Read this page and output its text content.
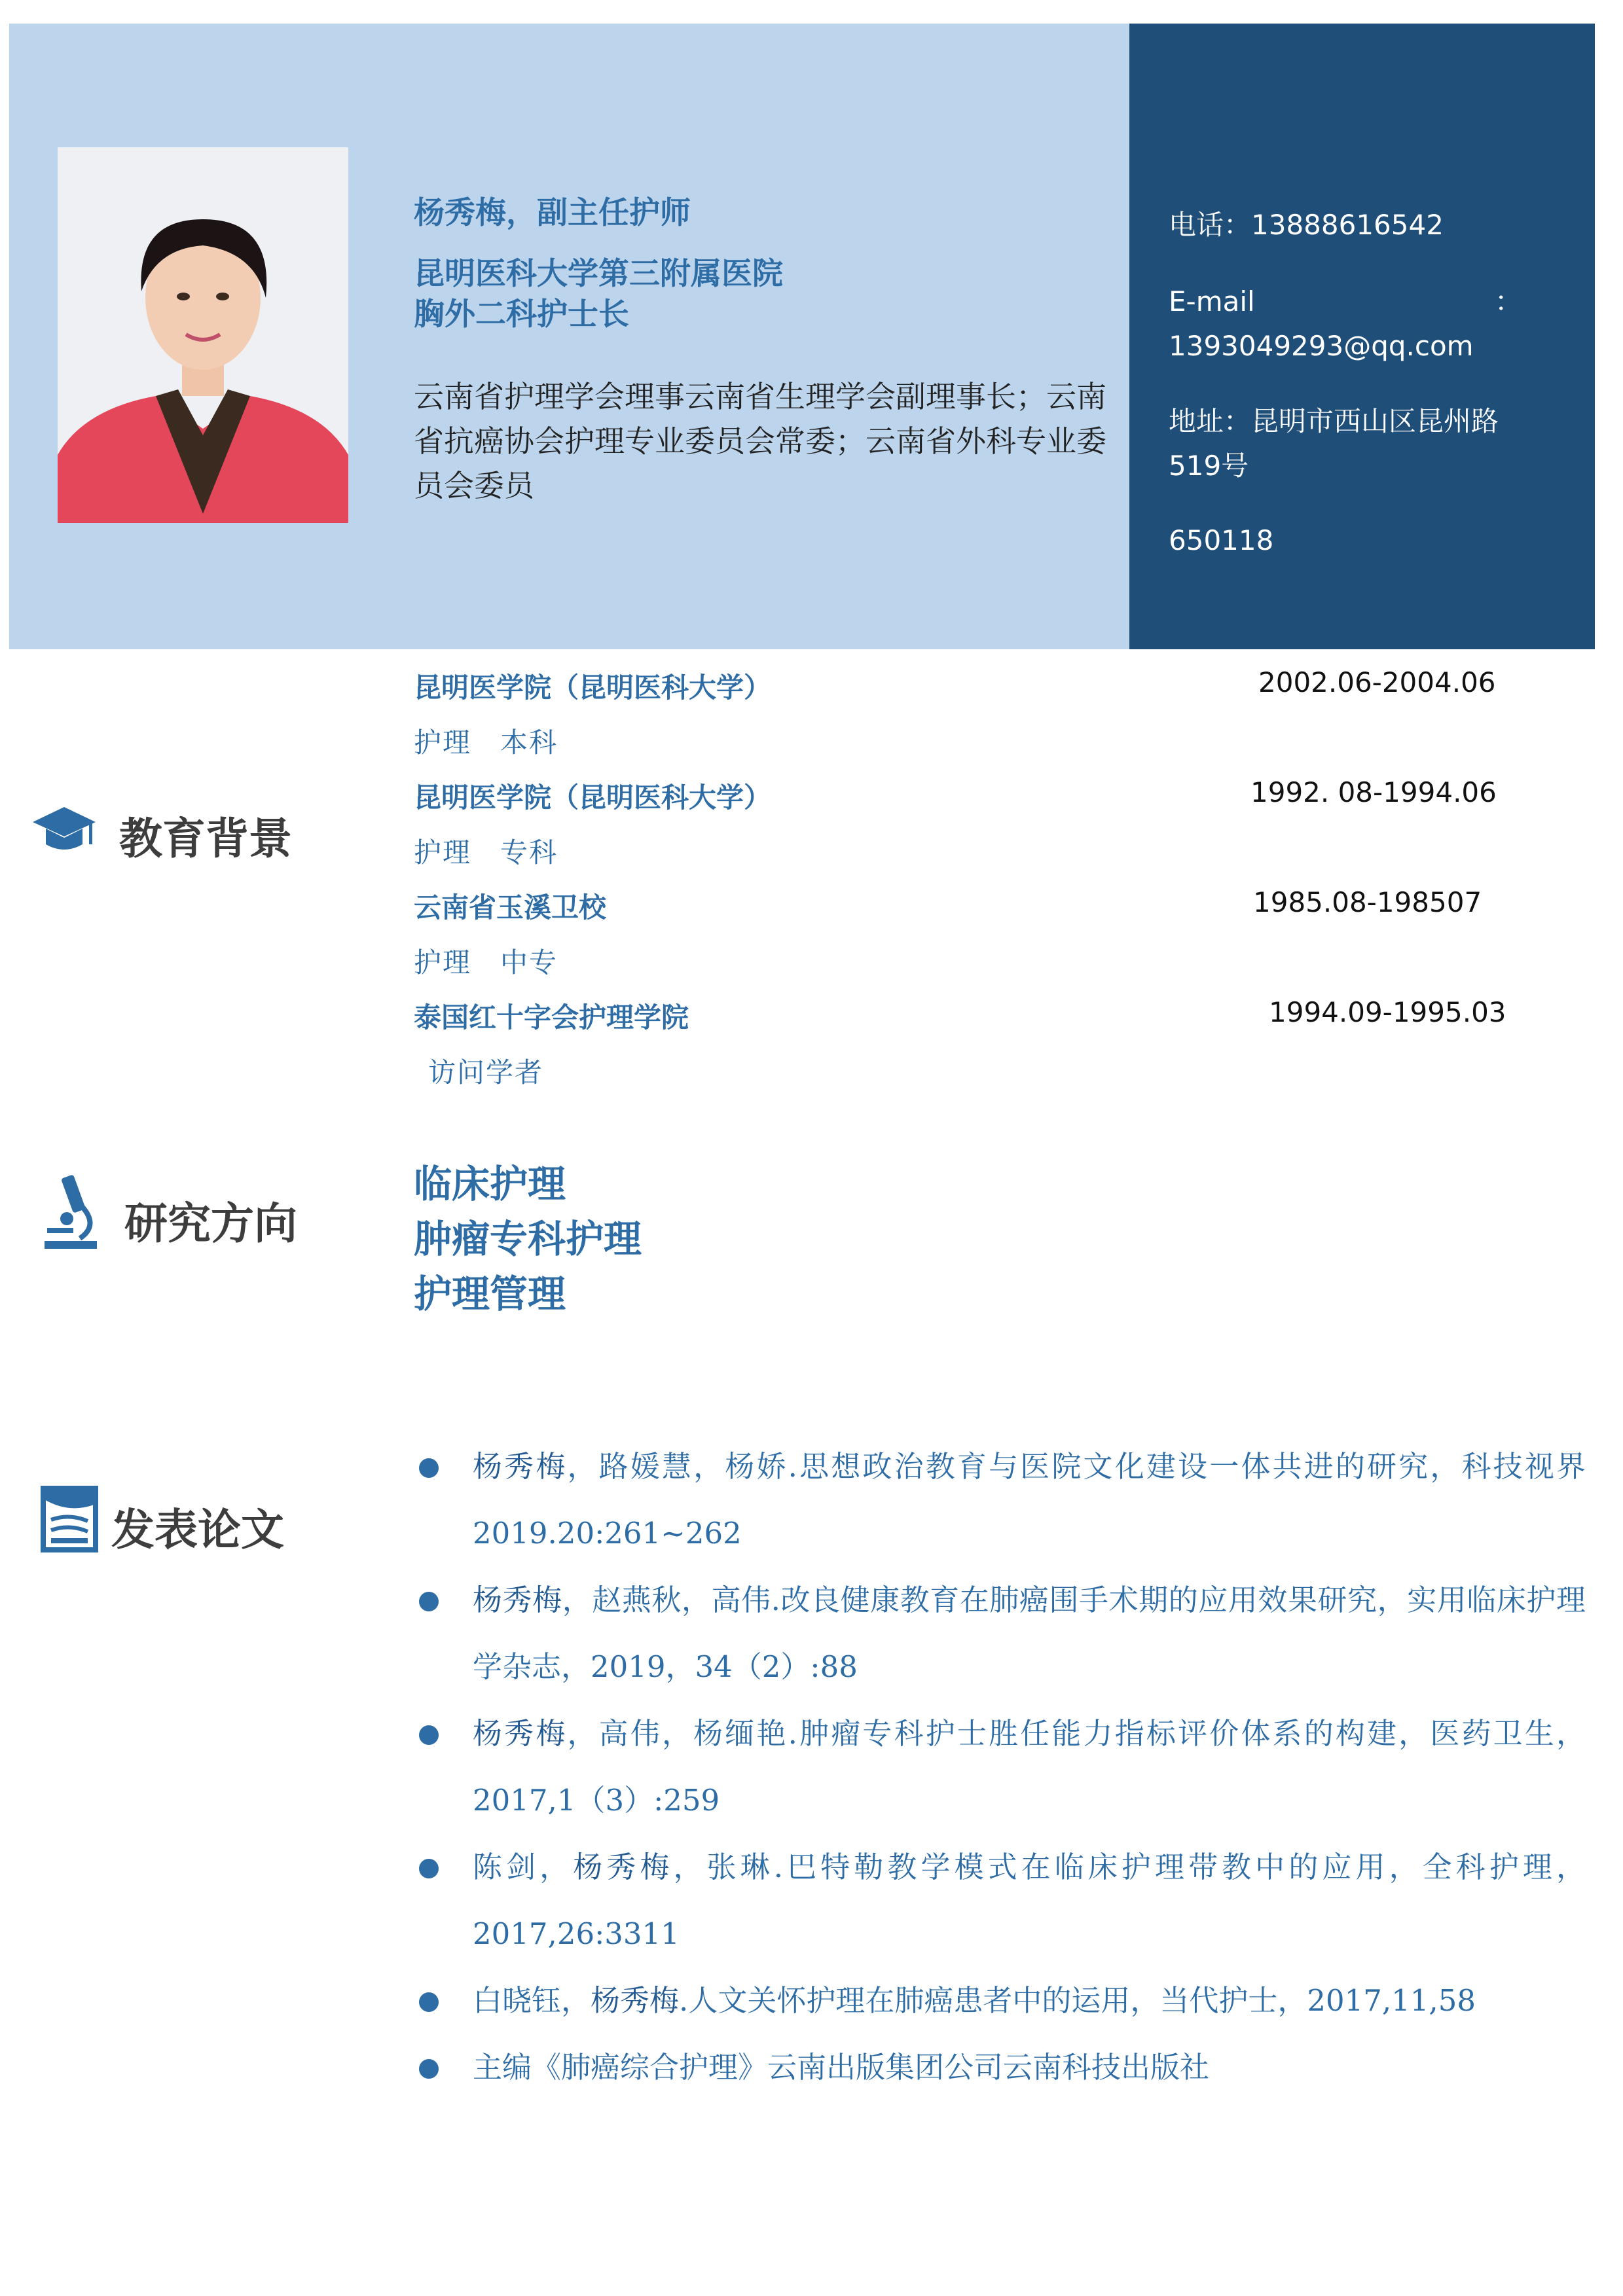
杨秀梅，副主任护师
昆明医科大学第三附属医院
胸外二科护士长
云南省护理学会理事云南省生理学会副理事长；云南省抗癌协会护理专业委员会常委；云南省外科专业委员会委员
电话：13888616542
E-mail	：
1393049293@qq.com
地址：昆明市西山区昆州路519号
650118
教育背景
昆明医学院（昆明医科大学）	2002.06-2004.06
护理　本科
昆明医学院（昆明医科大学）	1992. 08-1994.06
护理　专科
云南省玉溪卫校	1985.08-198507
护理　中专
泰国红十字会护理学院	1994.09-1995.03
访问学者
研究方向
临床护理
肿瘤专科护理
护理管理
发表论文
杨秀梅，路媛慧，杨娇.思想政治教育与医院文化建设一体共进的研究，科技视界2019.20:261~262
杨秀梅，赵燕秋，高伟.改良健康教育在肺癌围手术期的应用效果研究，实用临床护理学杂志，2019，34（2）:88
杨秀梅，高伟，杨缅艳.肿瘤专科护士胜任能力指标评价体系的构建，医药卫生，2017,1（3）:259
陈剑，杨秀梅，张琳.巴特勒教学模式在临床护理带教中的应用，全科护理，2017,26:3311
白晓钰，杨秀梅.人文关怀护理在肺癌患者中的运用，当代护士，2017,11,58
主编《肺癌综合护理》云南出版集团公司云南科技出版社
